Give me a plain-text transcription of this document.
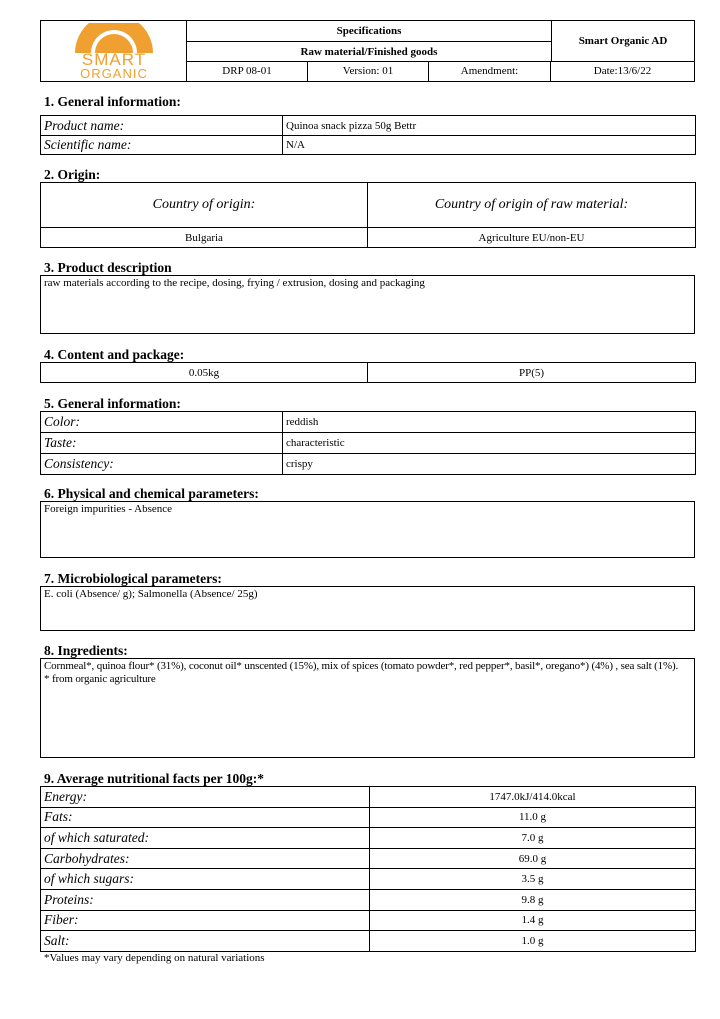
SMART
ORGANIC
Specifications
Raw material/Finished goods
Smart Organic AD
DRP 08-01	Version: 01	Amendment:	Date:13/6/22
1. General information:
Product name:	Quinoa snack pizza 50g Bettr
Scientific name:	N/A
2. Origin:
Country of origin:	Country of origin of raw material:
Bulgaria	Agriculture EU/non-EU
3. Product description
raw materials according to the recipe, dosing, frying / extrusion, dosing and packaging
4. Content and package:
0.05kg	PP(5)
5. General information:
Color:	reddish
Taste:	characteristic
Consistency:	crispy
6. Physical and chemical parameters:
Foreign impurities - Absence
7. Microbiological parameters:
E. coli (Absence/ g); Salmonella (Absence/ 25g)
8. Ingredients:
Cornmeal*, quinoa flour* (31%), coconut oil* unscented (15%), mix of spices (tomato powder*, red pepper*, basil*, oregano*) (4%) , sea salt (1%).
* from organic agriculture
9. Average nutritional facts per 100g:*
Energy:	1747.0kJ/414.0kcal
Fats:	11.0 g
of which saturated:	7.0 g
Carbohydrates:	69.0 g
of which sugars:	3.5 g
Proteins:	9.8 g
Fiber:	1.4 g
Salt:	1.0 g
*Values may vary depending on natural variations
